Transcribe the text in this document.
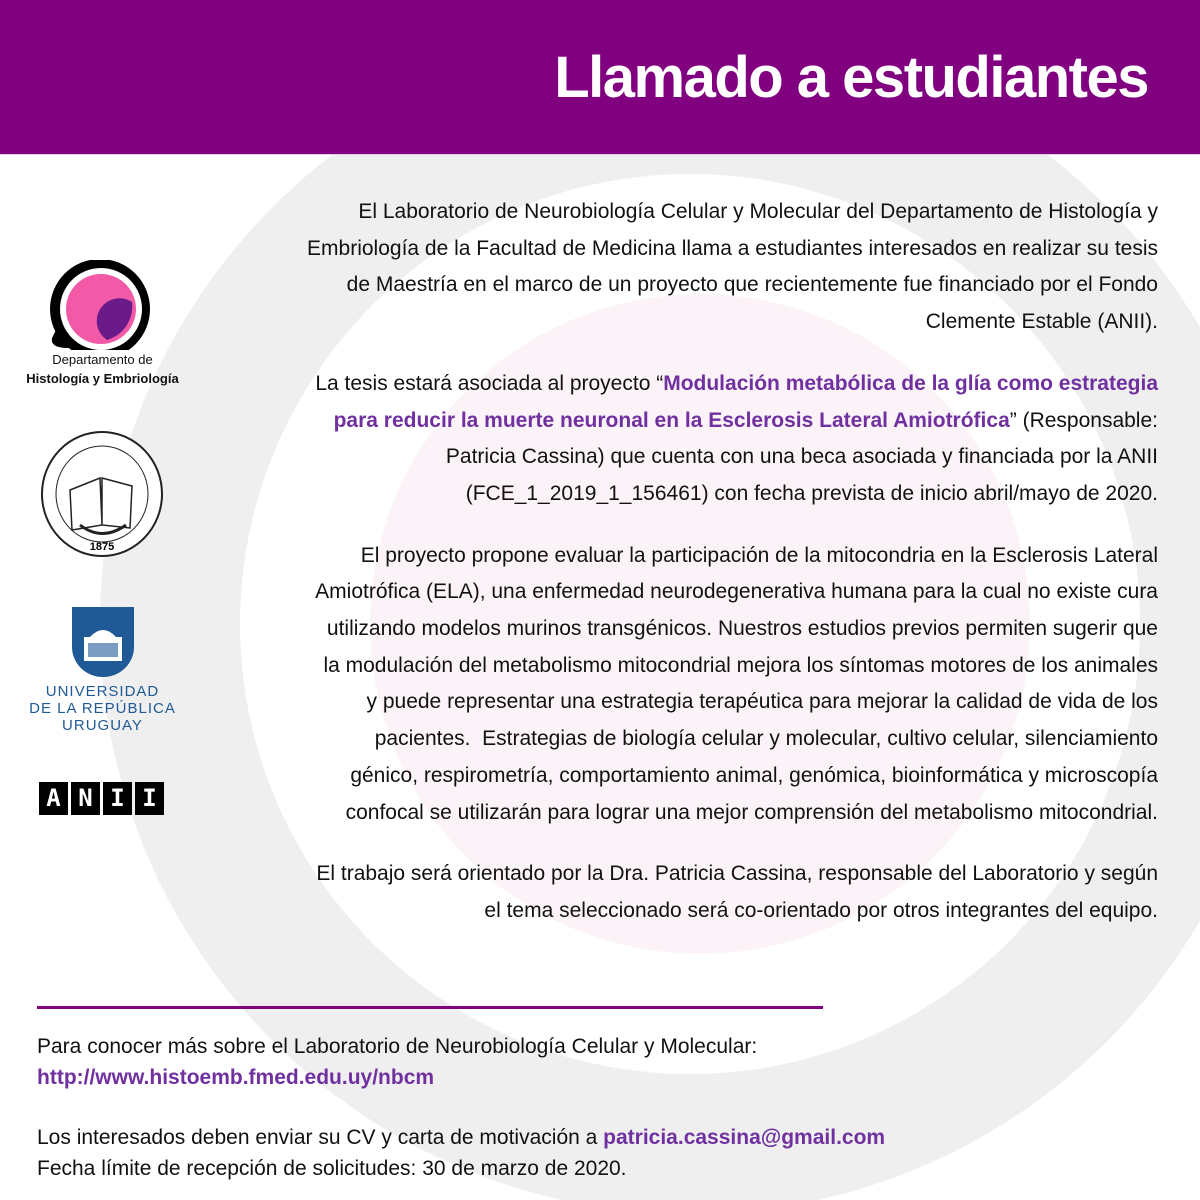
Llamado a estudiantes
Departamento de
Histología y Embriología
1875
UNIVERSIDAD
DE LA REPÚBLICA
URUGUAY
A N I I

El Laboratorio de Neurobiología Celular y Molecular del Departamento de Histología y
Embriología de la Facultad de Medicina llama a estudiantes interesados en realizar su tesis
de Maestría en el marco de un proyecto que recientemente fue financiado por el Fondo
Clemente Estable (ANII).

La tesis estará asociada al proyecto “Modulación metabólica de la glía como estrategia
para reducir la muerte neuronal en la Esclerosis Lateral Amiotrófica” (Responsable:
Patricia Cassina) que cuenta con una beca asociada y financiada por la ANII
(FCE_1_2019_1_156461) con fecha prevista de inicio abril/mayo de 2020.

El proyecto propone evaluar la participación de la mitocondria en la Esclerosis Lateral
Amiotrófica (ELA), una enfermedad neurodegenerativa humana para la cual no existe cura
utilizando modelos murinos transgénicos. Nuestros estudios previos permiten sugerir que
la modulación del metabolismo mitocondrial mejora los síntomas motores de los animales
y puede representar una estrategia terapéutica para mejorar la calidad de vida de los
pacientes.  Estrategias de biología celular y molecular, cultivo celular, silenciamiento
génico, respirometría, comportamiento animal, genómica, bioinformática y microscopía
confocal se utilizarán para lograr una mejor comprensión del metabolismo mitocondrial.

El trabajo será orientado por la Dra. Patricia Cassina, responsable del Laboratorio y según
el tema seleccionado será co-orientado por otros integrantes del equipo.

Para conocer más sobre el Laboratorio de Neurobiología Celular y Molecular:
http://www.histoemb.fmed.edu.uy/nbcm
Los interesados deben enviar su CV y carta de motivación a patricia.cassina@gmail.com
Fecha límite de recepción de solicitudes: 30 de marzo de 2020.
